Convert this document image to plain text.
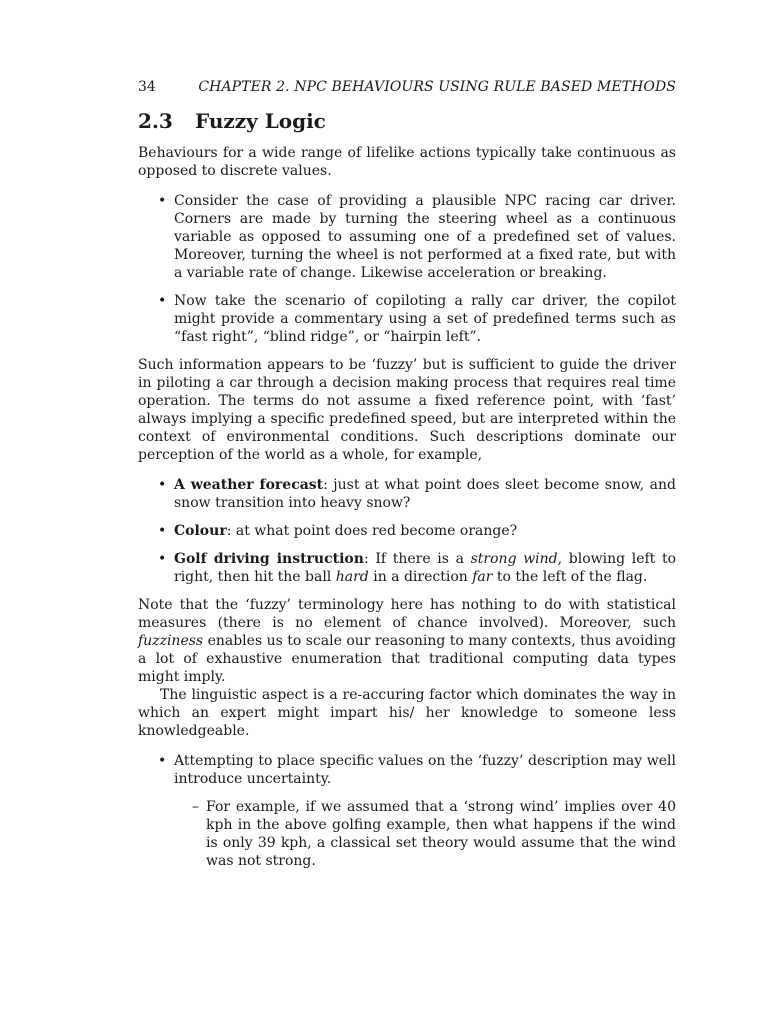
34	CHAPTER 2. NPC BEHAVIOURS USING RULE BASED METHODS
2.3 Fuzzy Logic

Behaviours for a wide range of lifelike actions typically take continuous as opposed to discrete values.

• Consider the case of providing a plausible NPC racing car driver. Corners are made by turning the steering wheel as a continuous variable as opposed to assuming one of a predefined set of values. Moreover, turning the wheel is not performed at a fixed rate, but with a variable rate of change. Likewise acceleration or breaking.
• Now take the scenario of copiloting a rally car driver, the copilot might provide a commentary using a set of predefined terms such as “fast right”, “blind ridge”, or “hairpin left”.

Such information appears to be ‘fuzzy’ but is sufficient to guide the driver in piloting a car through a decision making process that requires real time operation. The terms do not assume a fixed reference point, with ‘fast’ always implying a specific predefined speed, but are interpreted within the context of environmental conditions. Such descriptions dominate our perception of the world as a whole, for example,

• A weather forecast: just at what point does sleet become snow, and snow transition into heavy snow?
• Colour: at what point does red become orange?
• Golf driving instruction: If there is a strong wind, blowing left to right, then hit the ball hard in a direction far to the left of the flag.

Note that the ‘fuzzy’ terminology here has nothing to do with statistical measures (there is no element of chance involved). Moreover, such fuzziness enables us to scale our reasoning to many contexts, thus avoiding a lot of exhaustive enumeration that traditional computing data types might imply.

The linguistic aspect is a re-accuring factor which dominates the way in which an expert might impart his/ her knowledge to someone less knowledgeable.

• Attempting to place specific values on the ‘fuzzy’ description may well introduce uncertainty.
– For example, if we assumed that a ‘strong wind’ implies over 40 kph in the above golfing example, then what happens if the wind is only 39 kph, a classical set theory would assume that the wind was not strong.
